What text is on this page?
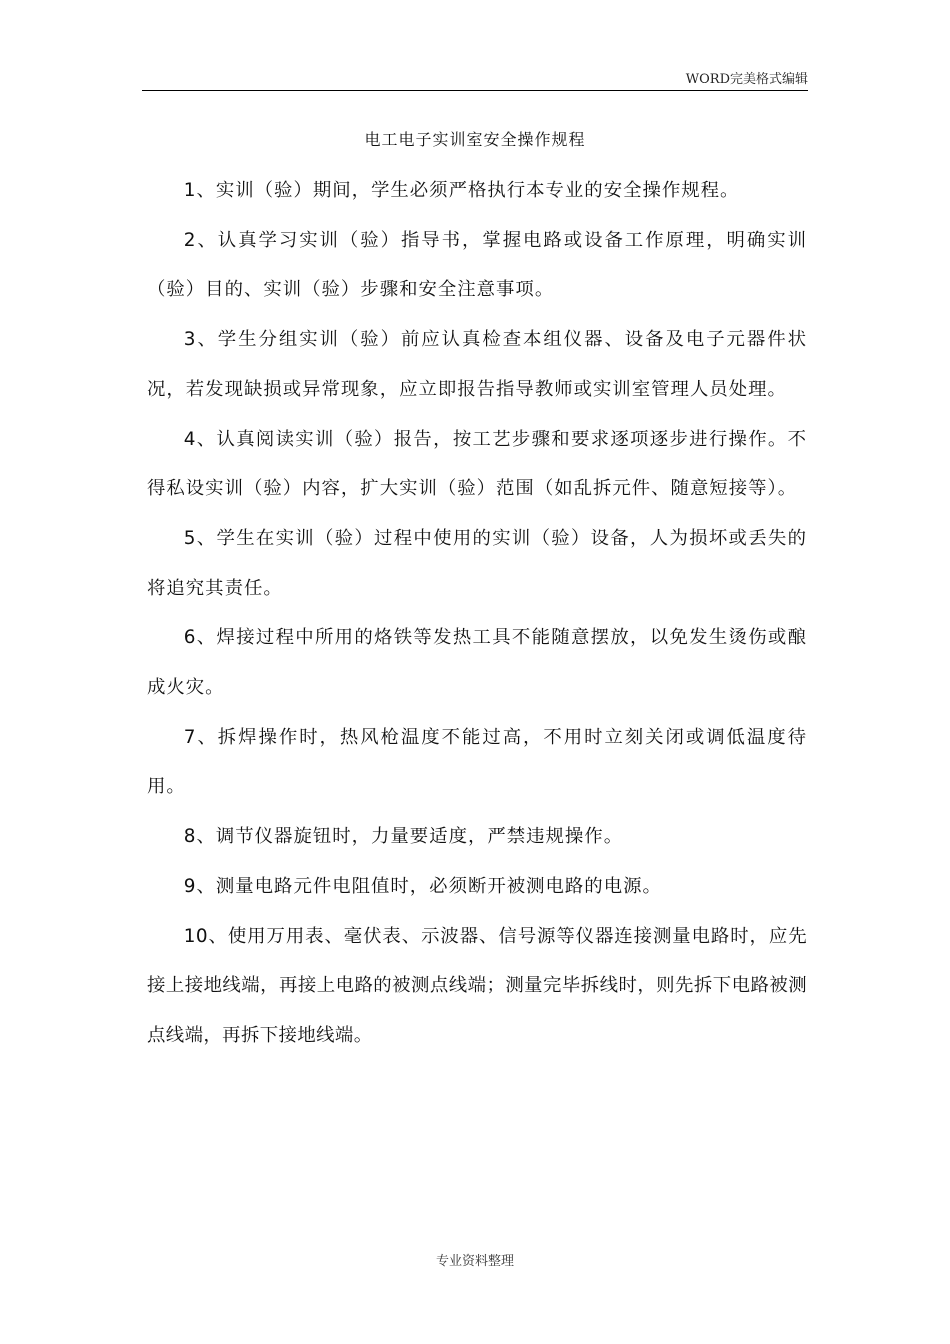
WORD完美格式编辑
电工电子实训室安全操作规程

1、实训（验）期间，学生必须严格执行本专业的安全操作规程。

2、认真学习实训（验）指导书，掌握电路或设备工作原理，明确实训（验）目的、实训（验）步骤和安全注意事项。

3、学生分组实训（验）前应认真检查本组仪器、设备及电子元器件状况，若发现缺损或异常现象，应立即报告指导教师或实训室管理人员处理。

4、认真阅读实训（验）报告，按工艺步骤和要求逐项逐步进行操作。不得私设实训（验）内容，扩大实训（验）范围（如乱拆元件、随意短接等）。

5、学生在实训（验）过程中使用的实训（验）设备，人为损坏或丢失的将追究其责任。

6、焊接过程中所用的烙铁等发热工具不能随意摆放，以免发生烫伤或酿成火灾。

7、拆焊操作时，热风枪温度不能过高，不用时立刻关闭或调低温度待用。

8、调节仪器旋钮时，力量要适度，严禁违规操作。

9、测量电路元件电阻值时，必须断开被测电路的电源。

10、使用万用表、毫伏表、示波器、信号源等仪器连接测量电路时，应先接上接地线端，再接上电路的被测点线端；测量完毕拆线时，则先拆下电路被测点线端，再拆下接地线端。

专业资料整理
